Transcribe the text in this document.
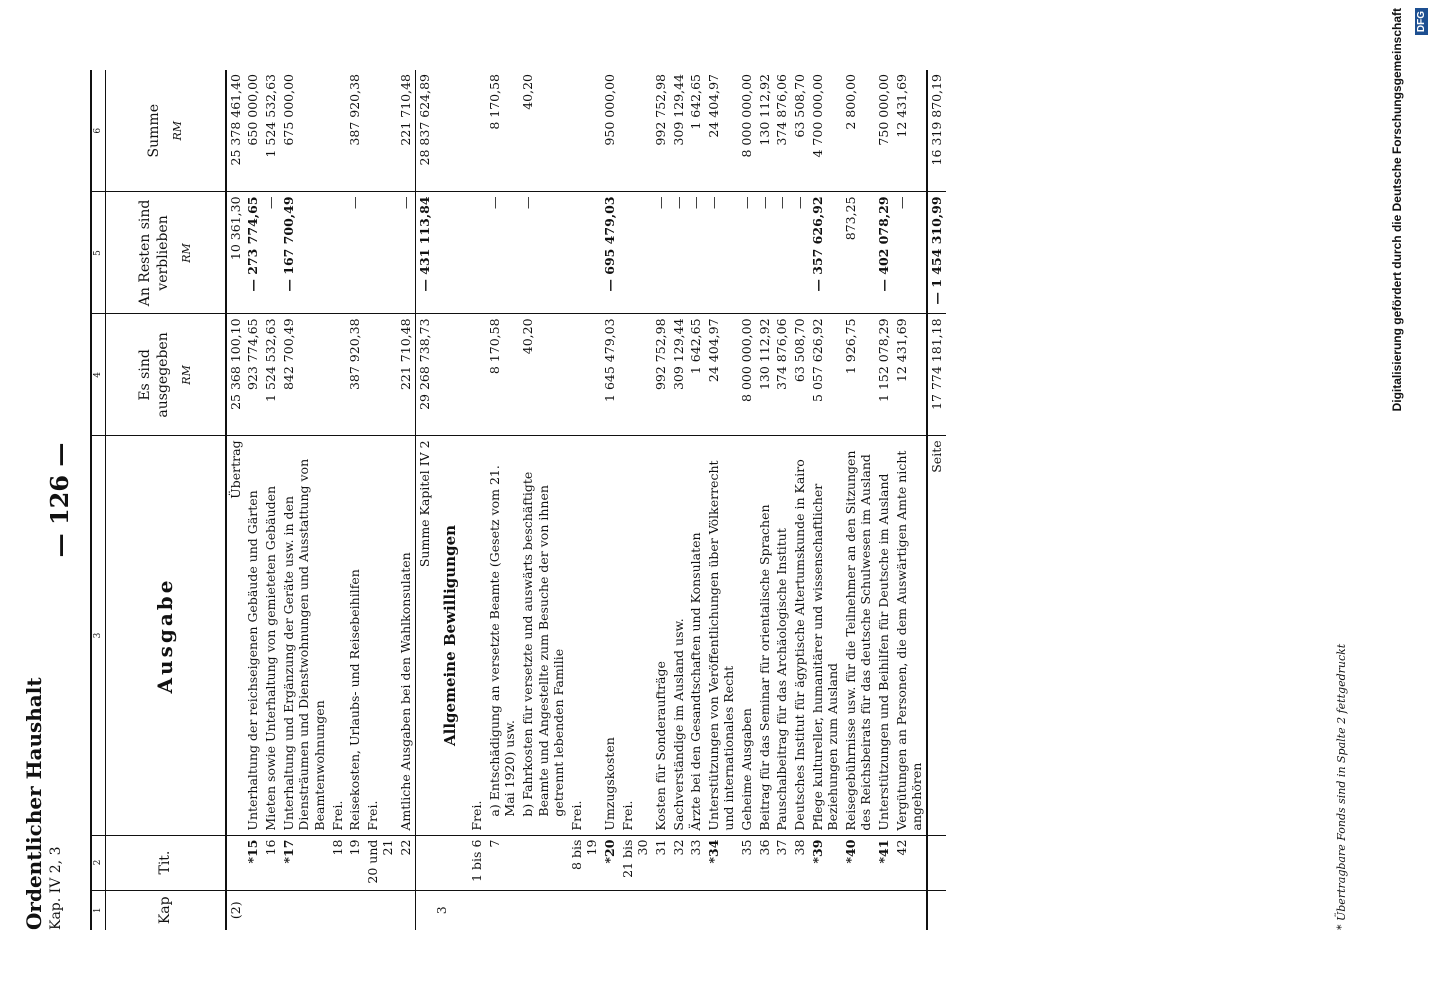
Ordentlicher Haushalt Kap. IV 2, 3
— 126 —
1	2	3	4	5	6
Kap	Tit.	Ausgabe	Es sind ausgegeben RM	An Resten sind verblieben RM	Summe RM

(2)		Übertrag	25 368 100,10	10 361,30	25 378 461,40
	*15	Unterhaltung der reichseigenen Gebäude und Gärten	923 774,65	— 273 774,65	650 000,00
	16	Mieten sowie Unterhaltung von gemieteten Gebäuden	1 524 532,63	—	1 524 532,63
	*17	Unterhaltung und Ergänzung der Geräte usw. in den Diensträumen und Dienstwohnungen und Ausstattung von Beamtenwohnungen	842 700,49	— 167 700,49	675 000,00
	18	Frei.			
	19	Reisekosten, Urlaubs- und Reisebeihilfen	387 920,38	—	387 920,38
	20 und 21	Frei.			
	22	Amtliche Ausgaben bei den Wahlkonsulaten	221 710,48	—	221 710,48
		Summe Kapitel IV 2	29 268 738,73	— 431 113,84	28 837 624,89
3		Allgemeine Bewilligungen			
	1 bis 6	Frei.			
	7	a) Entschädigung an versetzte Beamte (Gesetz vom 21. Mai 1920) usw.	8 170,58	—	8 170,58
		b) Fahrkosten für versetzte und auswärts beschäftigte Beamte und Angestellte zum Besuche der von ihnen getrennt lebenden Familie	40,20	—	40,20
	8 bis 19	Frei.			
	*20	Umzugskosten	1 645 479,03	— 695 479,03	950 000,00
	21 bis 30	Frei.			
	31	Kosten für Sonderaufträge	992 752,98	—	992 752,98
	32	Sachverständige im Ausland usw.	309 129,44	—	309 129,44
	33	Ärzte bei den Gesandtschaften und Konsulaten	1 642,65	—	1 642,65
	*34	Unterstützungen von Veröffentlichungen über Völkerrecht und internationales Recht	24 404,97	—	24 404,97
	35	Geheime Ausgaben	8 000 000,00	—	8 000 000,00
	36	Beitrag für das Seminar für orientalische Sprachen	130 112,92	—	130 112,92
	37	Pauschalbeitrag für das Archäologische Institut	374 876,06	—	374 876,06
	38	Deutsches Institut für ägyptische Altertumskunde in Kairo	63 508,70	—	63 508,70
	*39	Pflege kultureller, humanitärer und wissenschaftlicher Beziehungen zum Ausland	5 057 626,92	— 357 626,92	4 700 000,00
	*40	Reisegebührnisse usw. für die Teilnehmer an den Sitzungen des Reichsbeirats für das deutsche Schulwesen im Ausland	1 926,75	873,25	2 800,00
	*41	Unterstützungen und Beihilfen für Deutsche im Ausland	1 152 078,29	— 402 078,29	750 000,00
	42	Vergütungen an Personen, die dem Auswärtigen Amte nicht angehören	12 431,69	—	12 431,69
		Seite	17 774 181,18	— 1 454 310,99	16 319 870,19
* Übertragbare Fonds sind in Spalte 2 fettgedruckt
Digitalisierung gefördert durch die Deutsche Forschungsgemeinschaft DFG
